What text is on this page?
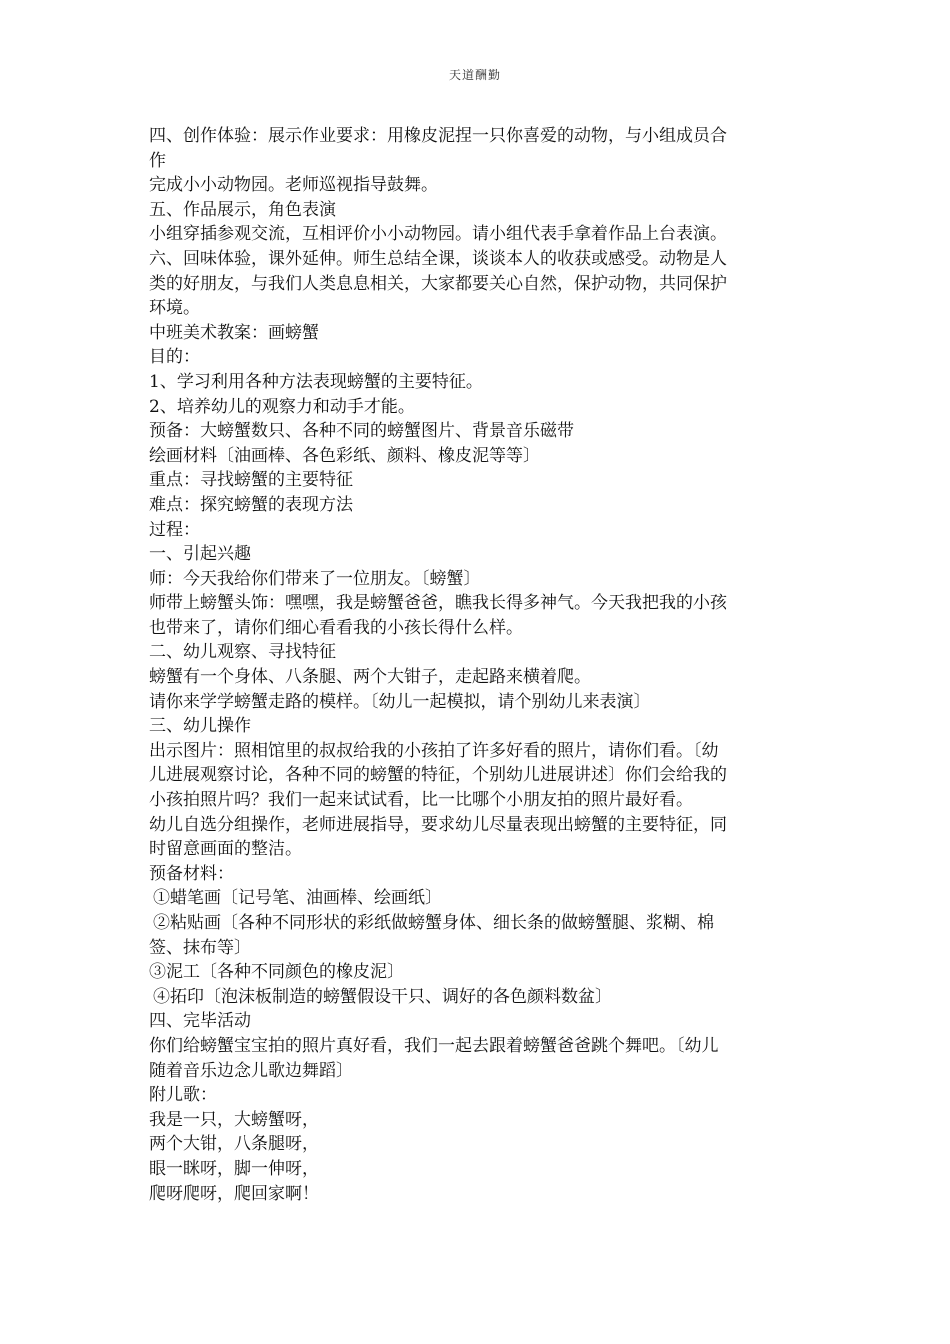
天道酬勤
四、创作体验：展示作业要求：用橡皮泥捏一只你喜爱的动物，与小组成员合
作
完成小小动物园。老师巡视指导鼓舞。
五、作品展示，角色表演
小组穿插参观交流，互相评价小小动物园。请小组代表手拿着作品上台表演。
六、回味体验，课外延伸。师生总结全课，谈谈本人的收获或感受。动物是人
类的好朋友，与我们人类息息相关，大家都要关心自然，保护动物，共同保护
环境。
中班美术教案：画螃蟹
目的：
1、学习利用各种方法表现螃蟹的主要特征。
2、培养幼儿的观察力和动手才能。
预备：大螃蟹数只、各种不同的螃蟹图片、背景音乐磁带
绘画材料〔油画棒、各色彩纸、颜料、橡皮泥等等〕
重点：寻找螃蟹的主要特征
难点：探究螃蟹的表现方法
过程：
一、引起兴趣
师：今天我给你们带来了一位朋友。〔螃蟹〕
师带上螃蟹头饰：嘿嘿，我是螃蟹爸爸，瞧我长得多神气。今天我把我的小孩
也带来了，请你们细心看看我的小孩长得什么样。
二、幼儿观察、寻找特征
螃蟹有一个身体、八条腿、两个大钳子，走起路来横着爬。
请你来学学螃蟹走路的模样。〔幼儿一起模拟，请个别幼儿来表演〕
三、幼儿操作
出示图片：照相馆里的叔叔给我的小孩拍了许多好看的照片，请你们看。〔幼
儿进展观察讨论，各种不同的螃蟹的特征，个别幼儿进展讲述〕你们会给我的
小孩拍照片吗？我们一起来试试看，比一比哪个小朋友拍的照片最好看。
幼儿自选分组操作，老师进展指导，要求幼儿尽量表现出螃蟹的主要特征，同
时留意画面的整洁。
预备材料：
①蜡笔画〔记号笔、油画棒、绘画纸〕
②粘贴画〔各种不同形状的彩纸做螃蟹身体、细长条的做螃蟹腿、浆糊、棉
签、抹布等〕
③泥工〔各种不同颜色的橡皮泥〕
④拓印〔泡沫板制造的螃蟹假设干只、调好的各色颜料数盆〕
四、完毕活动
你们给螃蟹宝宝拍的照片真好看，我们一起去跟着螃蟹爸爸跳个舞吧。〔幼儿
随着音乐边念儿歌边舞蹈〕
附儿歌：
我是一只，大螃蟹呀，
两个大钳，八条腿呀，
眼一眯呀，脚一伸呀，
爬呀爬呀，爬回家啊！
